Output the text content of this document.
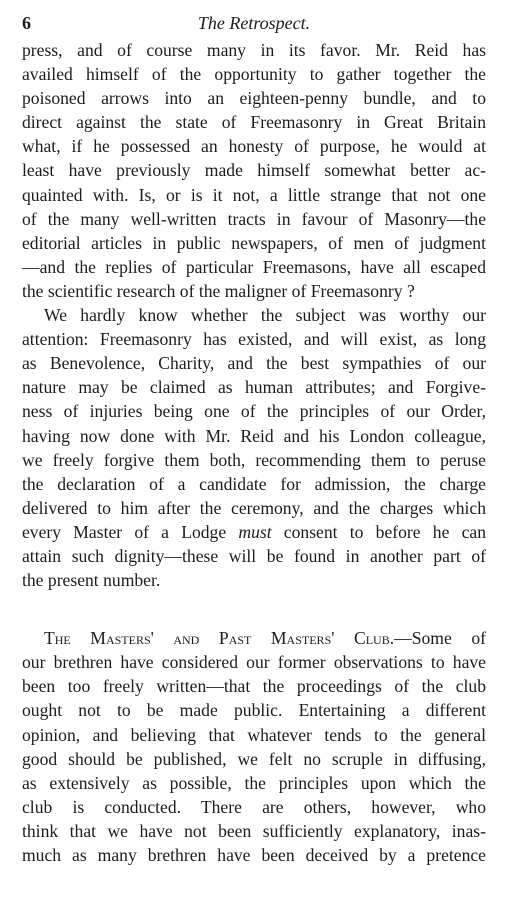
6	The Retrospect.
press, and of course many in its favor. Mr. Reid has
availed himself of the opportunity to gather together the
poisoned arrows into an eighteen-penny bundle, and to
direct against the state of Freemasonry in Great Britain
what, if he possessed an honesty of purpose, he would at
least have previously made himself somewhat better ac-
quainted with. Is, or is it not, a little strange that not one
of the many well-written tracts in favour of Masonry—the
editorial articles in public newspapers, of men of judgment
—and the replies of particular Freemasons, have all escaped
the scientific research of the maligner of Freemasonry ?
We hardly know whether the subject was worthy our
attention: Freemasonry has existed, and will exist, as long
as Benevolence, Charity, and the best sympathies of our
nature may be claimed as human attributes; and Forgive-
ness of injuries being one of the principles of our Order,
having now done with Mr. Reid and his London colleague,
we freely forgive them both, recommending them to peruse
the declaration of a candidate for admission, the charge
delivered to him after the ceremony, and the charges which
every Master of a Lodge must consent to before he can
attain such dignity—these will be found in another part of
the present number.
The Masters' and Past Masters' Club.—Some of
our brethren have considered our former observations to have
been too freely written—that the proceedings of the club
ought not to be made public. Entertaining a different
opinion, and believing that whatever tends to the general
good should be published, we felt no scruple in diffusing,
as extensively as possible, the principles upon which the
club is conducted. There are others, however, who
think that we have not been sufficiently explanatory, inas-
much as many brethren have been deceived by a pretence
